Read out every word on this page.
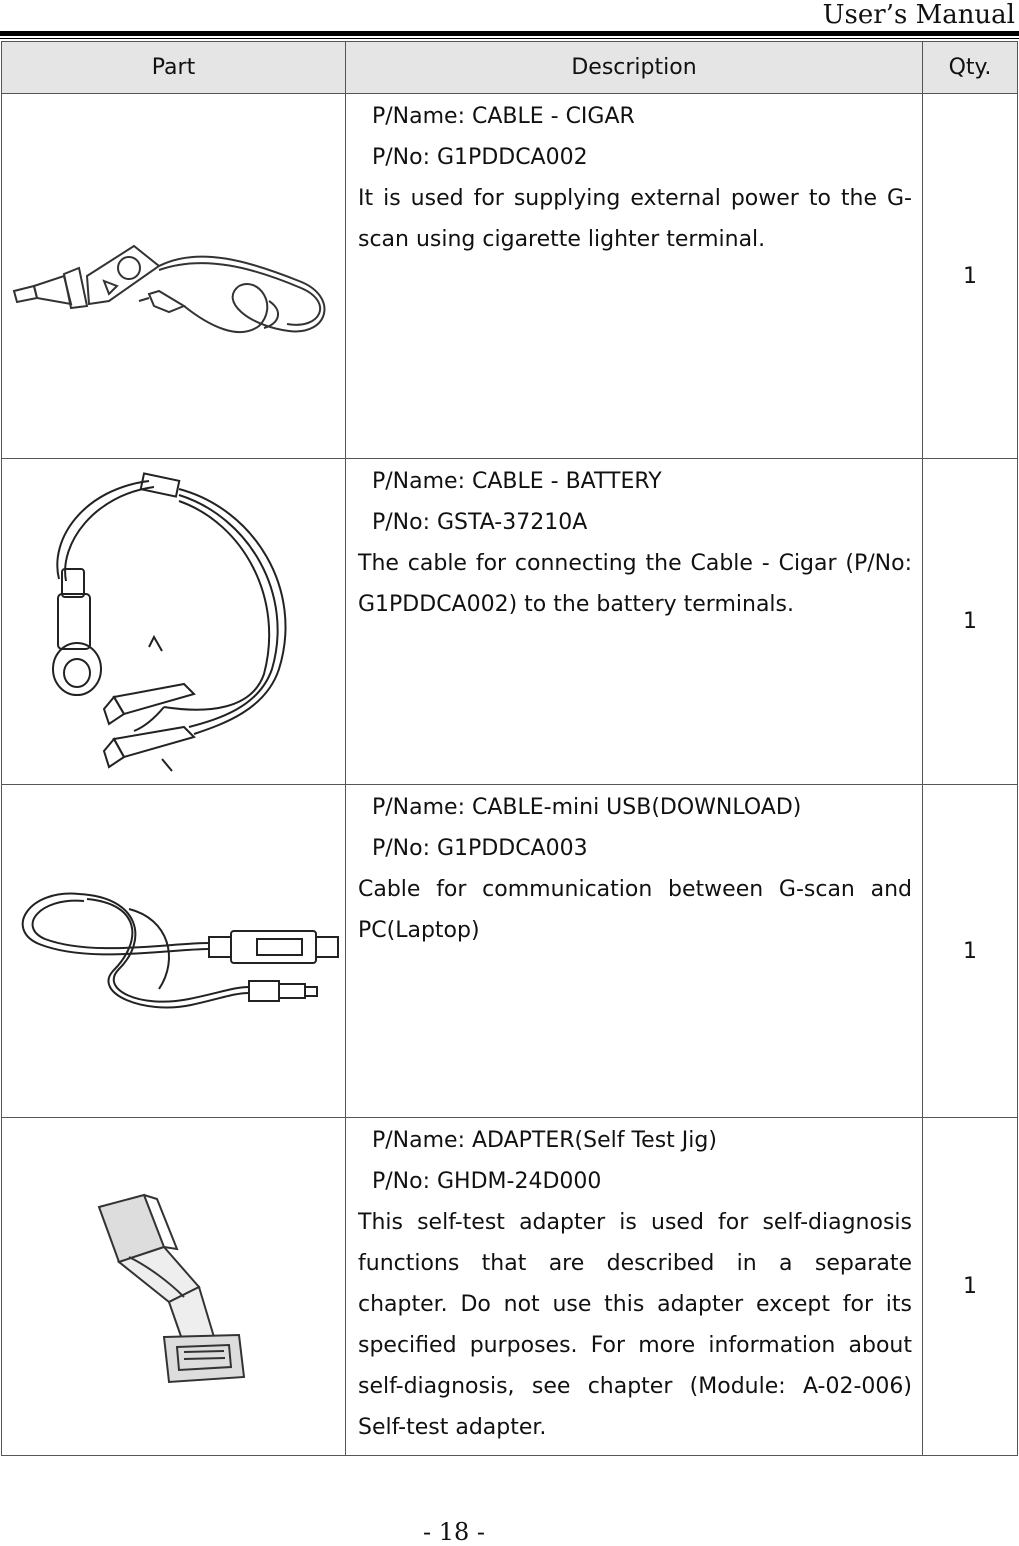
User’s Manual
Part	Description	Qty.

P/Name: CABLE - CIGAR
P/No: G1PDDCA002
It is used for supplying external power to the G-scan using cigarette lighter terminal.	1

P/Name: CABLE - BATTERY
P/No: GSTA-37210A
The cable for connecting the Cable - Cigar (P/No: G1PDDCA002) to the battery terminals.	1

P/Name: CABLE-mini USB(DOWNLOAD)
P/No: G1PDDCA003
Cable for communication between G-scan and PC(Laptop)	1

P/Name: ADAPTER(Self Test Jig)
P/No: GHDM-24D000
This self-test adapter is used for self-diagnosis functions that are described in a separate chapter. Do not use this adapter except for its specified purposes. For more information about self-diagnosis, see chapter (Module: A-02-006) Self-test adapter.	1
- 18 -
